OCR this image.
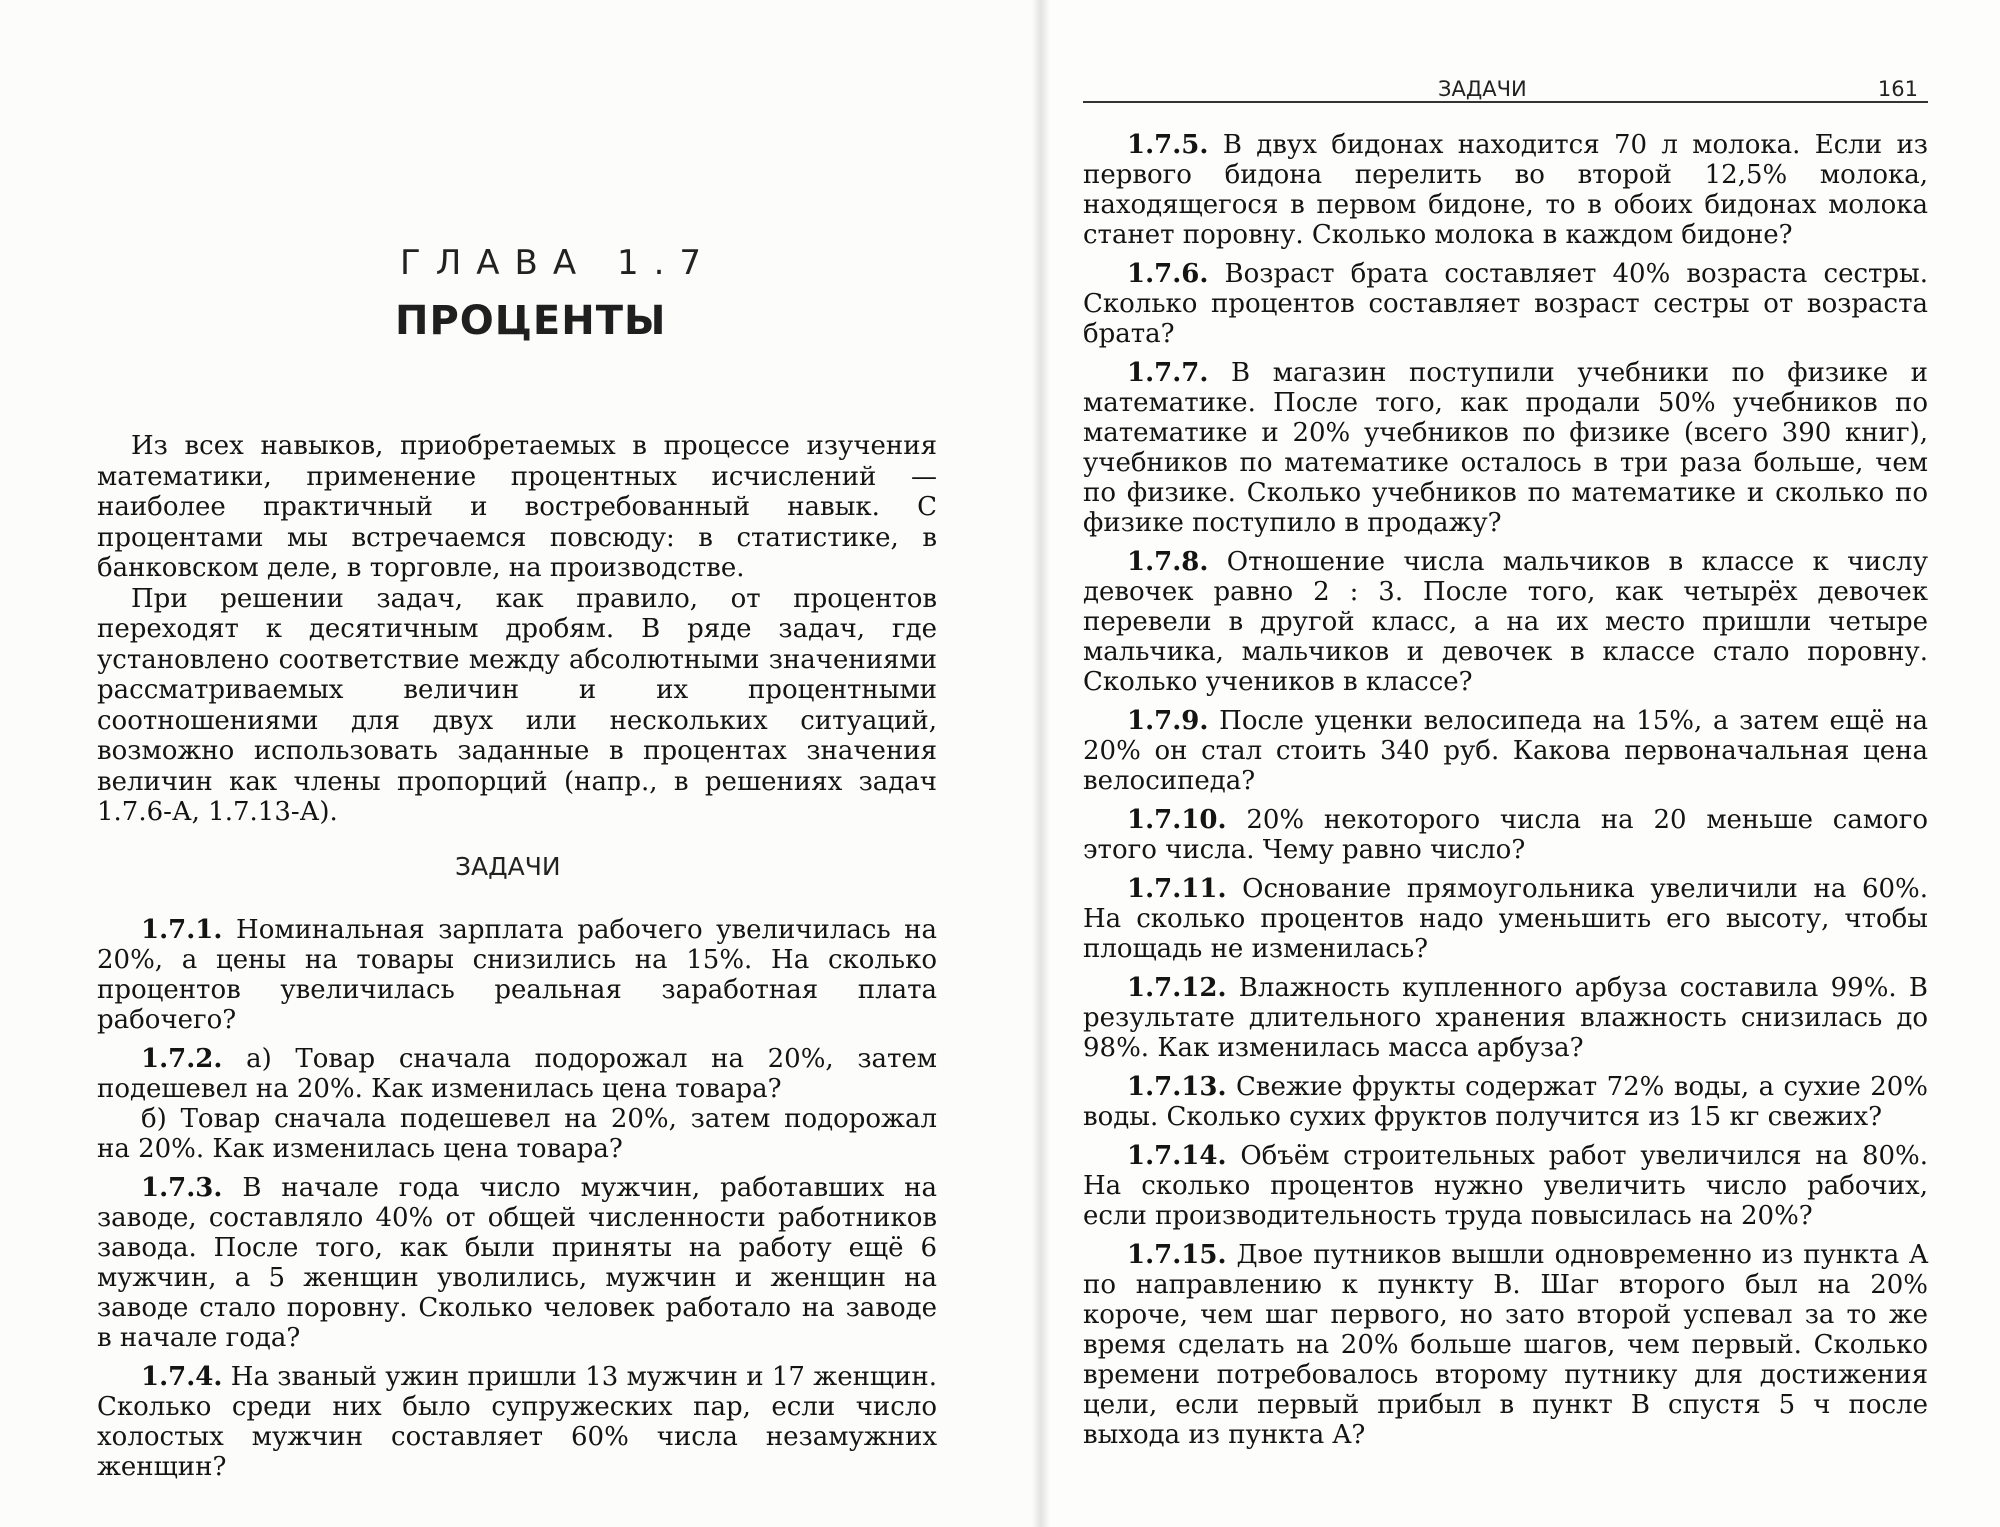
ГЛАВА 1.7
ПРОЦЕНТЫ

Из всех навыков, приобретаемых в процессе изучения математики, применение процентных исчислений — наиболее практичный и востребованный навык. С процентами мы встречаемся повсюду: в статистике, в банковском деле, в торговле, на производстве.

При решении задач, как правило, от процентов переходят к десятичным дробям. В ряде задач, где установлено соответствие между абсолютными значениями рассматриваемых величин и их процентными соотношениями для двух или нескольких ситуаций, возможно использовать заданные в процентах значения величин как члены пропорций (напр., в решениях задач 1.7.6-А, 1.7.13-А).

ЗАДАЧИ

1.7.1. Номинальная зарплата рабочего увеличилась на 20%, а цены на товары снизились на 15%. На сколько процентов увеличилась реальная заработная плата рабочего?

1.7.2. а) Товар сначала подорожал на 20%, затем подешевел на 20%. Как изменилась цена товара?

б) Товар сначала подешевел на 20%, затем подорожал на 20%. Как изменилась цена товара?

1.7.3. В начале года число мужчин, работавших на заводе, составляло 40% от общей численности работников завода. После того, как были приняты на работу ещё 6 мужчин, а 5 женщин уволились, мужчин и женщин на заводе стало поровну. Сколько человек работало на заводе в начале года?

1.7.4. На званый ужин пришли 13 мужчин и 17 женщин. Сколько среди них было супружеских пар, если число холостых мужчин составляет 60% числа незамужних женщин?

ЗАДАЧИ	161

1.7.5. В двух бидонах находится 70 л молока. Если из первого бидона перелить во второй 12,5% молока, находящегося в первом бидоне, то в обоих бидонах молока станет поровну. Сколько молока в каждом бидоне?

1.7.6. Возраст брата составляет 40% возраста сестры. Сколько процентов составляет возраст сестры от возраста брата?

1.7.7. В магазин поступили учебники по физике и математике. После того, как продали 50% учебников по математике и 20% учебников по физике (всего 390 книг), учебников по математике осталось в три раза больше, чем по физике. Сколько учебников по математике и сколько по физике поступило в продажу?

1.7.8. Отношение числа мальчиков в классе к числу девочек равно 2 : 3. После того, как четырёх девочек перевели в другой класс, а на их место пришли четыре мальчика, мальчиков и девочек в классе стало поровну. Сколько учеников в классе?

1.7.9. После уценки велосипеда на 15%, а затем ещё на 20% он стал стоить 340 руб. Какова первоначальная цена велосипеда?

1.7.10. 20% некоторого числа на 20 меньше самого этого числа. Чему равно число?

1.7.11. Основание прямоугольника увеличили на 60%. На сколько процентов надо уменьшить его высоту, чтобы площадь не изменилась?

1.7.12. Влажность купленного арбуза составила 99%. В результате длительного хранения влажность снизилась до 98%. Как изменилась масса арбуза?

1.7.13. Свежие фрукты содержат 72% воды, а сухие 20% воды. Сколько сухих фруктов получится из 15 кг свежих?

1.7.14. Объём строительных работ увеличился на 80%. На сколько процентов нужно увеличить число рабочих, если производительность труда повысилась на 20%?

1.7.15. Двое путников вышли одновременно из пункта A по направлению к пункту B. Шаг второго был на 20% короче, чем шаг первого, но зато второй успевал за то же время сделать на 20% больше шагов, чем первый. Сколько времени потребовалось второму путнику для достижения цели, если первый прибыл в пункт B спустя 5 ч после выхода из пункта A?
